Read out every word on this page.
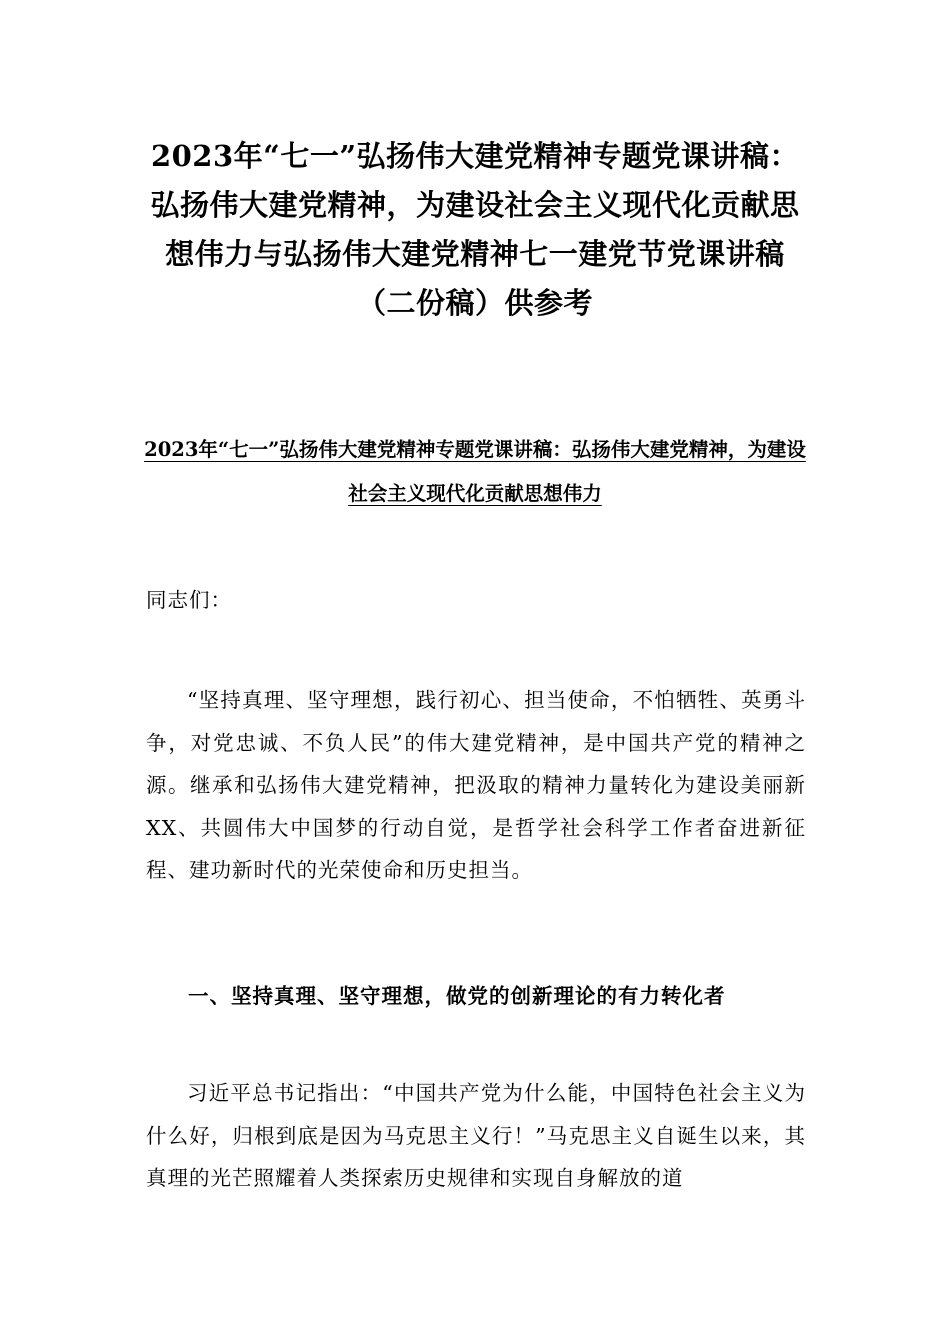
2023年“七一”弘扬伟大建党精神专题党课讲稿：弘扬伟大建党精神，为建设社会主义现代化贡献思想伟力与弘扬伟大建党精神七一建党节党课讲稿（二份稿）供参考
2023年“七一”弘扬伟大建党精神专题党课讲稿：弘扬伟大建党精神，为建设社会主义现代化贡献思想伟力

同志们：

“坚持真理、坚守理想，践行初心、担当使命，不怕牺牲、英勇斗争，对党忠诚、不负人民”的伟大建党精神，是中国共产党的精神之源。继承和弘扬伟大建党精神，把汲取的精神力量转化为建设美丽新XX、共圆伟大中国梦的行动自觉，是哲学社会科学工作者奋进新征程、建功新时代的光荣使命和历史担当。

一、坚持真理、坚守理想，做党的创新理论的有力转化者

习近平总书记指出：“中国共产党为什么能，中国特色社会主义为什么好，归根到底是因为马克思主义行！”马克思主义自诞生以来，其真理的光芒照耀着人类探索历史规律和实现自身解放的道
